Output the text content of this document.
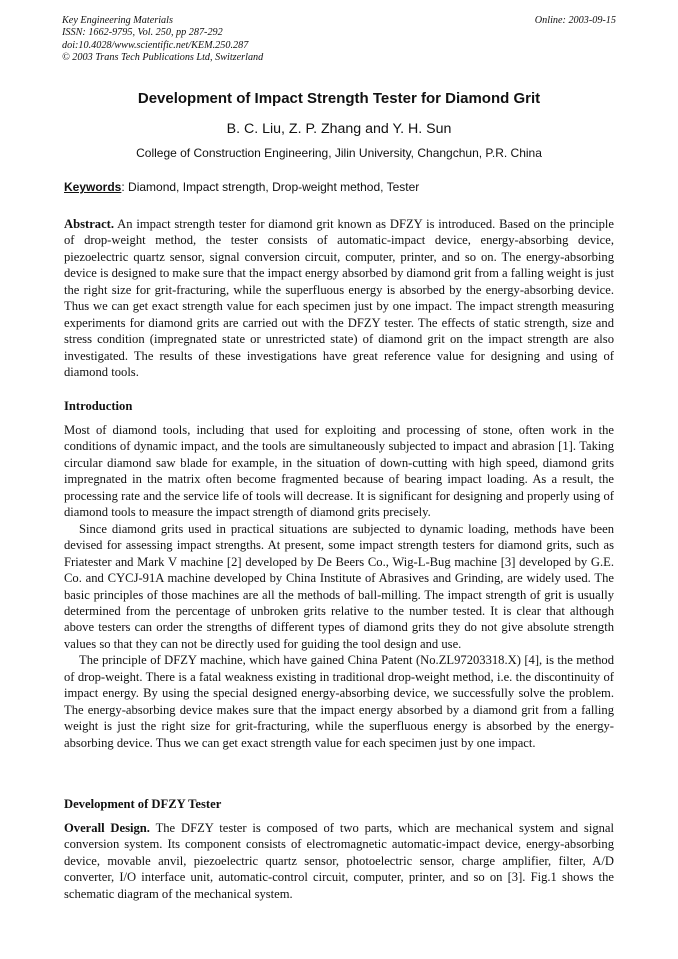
Key Engineering Materials
ISSN: 1662-9795, Vol. 250, pp 287-292
doi:10.4028/www.scientific.net/KEM.250.287
© 2003 Trans Tech Publications Ltd, Switzerland
Online: 2003-09-15
Development of Impact Strength Tester for Diamond Grit
B. C. Liu, Z. P. Zhang and Y. H. Sun
College of Construction Engineering, Jilin University, Changchun, P.R. China
Keywords: Diamond, Impact strength, Drop-weight method, Tester

Abstract. An impact strength tester for diamond grit known as DFZY is introduced. Based on the principle of drop-weight method, the tester consists of automatic-impact device, energy-absorbing device, piezoelectric quartz sensor, signal conversion circuit, computer, printer, and so on. The energy-absorbing device is designed to make sure that the impact energy absorbed by diamond grit from a falling weight is just the right size for grit-fracturing, while the superfluous energy is absorbed by the energy-absorbing device. Thus we can get exact strength value for each specimen just by one impact. The impact strength measuring experiments for diamond grits are carried out with the DFZY tester. The effects of static strength, size and stress condition (impregnated state or unrestricted state) of diamond grit on the impact strength are also investigated. The results of these investigations have great reference value for designing and using of diamond tools.

Introduction

Most of diamond tools, including that used for exploiting and processing of stone, often work in the conditions of dynamic impact, and the tools are simultaneously subjected to impact and abrasion [1]. Taking circular diamond saw blade for example, in the situation of down-cutting with high speed, diamond grits impregnated in the matrix often become fragmented because of bearing impact loading. As a result, the processing rate and the service life of tools will decrease. It is significant for designing and properly using of diamond tools to measure the impact strength of diamond grits precisely.

Since diamond grits used in practical situations are subjected to dynamic loading, methods have been devised for assessing impact strengths. At present, some impact strength testers for diamond grits, such as Friatester and Mark V machine [2] developed by De Beers Co., Wig-L-Bug machine [3] developed by G.E. Co. and CYCJ-91A machine developed by China Institute of Abrasives and Grinding, are widely used. The basic principles of those machines are all the methods of ball-milling. The impact strength of grit is usually determined from the percentage of unbroken grits relative to the number tested. It is clear that although above testers can order the strengths of different types of diamond grits they do not give absolute strength values so that they can not be directly used for guiding the tool design and use.

The principle of DFZY machine, which have gained China Patent (No.ZL97203318.X) [4], is the method of drop-weight. There is a fatal weakness existing in traditional drop-weight method, i.e. the discontinuity of impact energy. By using the special designed energy-absorbing device, we successfully solve the problem. The energy-absorbing device makes sure that the impact energy absorbed by a diamond grit from a falling weight is just the right size for grit-fracturing, while the superfluous energy is absorbed by the energy-absorbing device. Thus we can get exact strength value for each specimen just by one impact.

Development of DFZY Tester

Overall Design. The DFZY tester is composed of two parts, which are mechanical system and signal conversion system. Its component consists of electromagnetic automatic-impact device, energy-absorbing device, movable anvil, piezoelectric quartz sensor, photoelectric sensor, charge amplifier, filter, A/D converter, I/O interface unit, automatic-control circuit, computer, printer, and so on [3]. Fig.1 shows the schematic diagram of the mechanical system.
